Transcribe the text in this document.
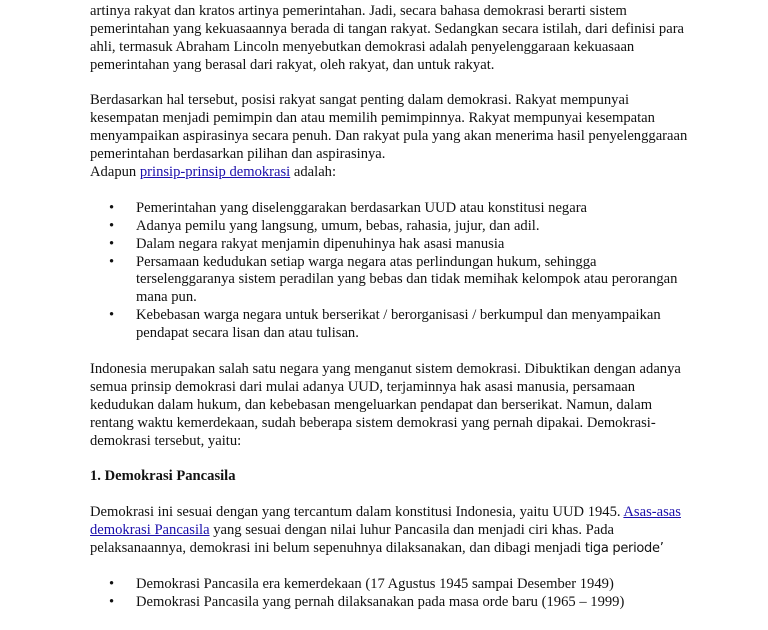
artinya rakyat dan kratos artinya pemerintahan. Jadi, secara bahasa demokrasi berarti sistem pemerintahan yang kekuasaannya berada di tangan rakyat. Sedangkan secara istilah, dari definisi para ahli, termasuk Abraham Lincoln menyebutkan demokrasi adalah penyelenggaraan kekuasaan pemerintahan yang berasal dari rakyat, oleh rakyat, dan untuk rakyat.

Berdasarkan hal tersebut, posisi rakyat sangat penting dalam demokrasi. Rakyat mempunyai kesempatan menjadi pemimpin dan atau memilih pemimpinnya. Rakyat mempunyai kesempatan menyampaikan aspirasinya secara penuh. Dan rakyat pula yang akan menerima hasil penyelenggaraan pemerintahan berdasarkan pilihan dan aspirasinya.

Adapun prinsip-prinsip demokrasi adalah:

• Pemerintahan yang diselenggarakan berdasarkan UUD atau konstitusi negara
• Adanya pemilu yang langsung, umum, bebas, rahasia, jujur, dan adil.
• Dalam negara rakyat menjamin dipenuhinya hak asasi manusia
• Persamaan kedudukan setiap warga negara atas perlindungan hukum, sehingga terselenggaranya sistem peradilan yang bebas dan tidak memihak kelompok atau perorangan mana pun.
• Kebebasan warga negara untuk berserikat / berorganisasi / berkumpul dan menyampaikan pendapat secara lisan dan atau tulisan.

Indonesia merupakan salah satu negara yang menganut sistem demokrasi. Dibuktikan dengan adanya semua prinsip demokrasi dari mulai adanya UUD, terjaminnya hak asasi manusia, persamaan kedudukan dalam hukum, dan kebebasan mengeluarkan pendapat dan berserikat. Namun, dalam rentang waktu kemerdekaan, sudah beberapa sistem demokrasi yang pernah dipakai. Demokrasi-demokrasi tersebut, yaitu:

1. Demokrasi Pancasila

Demokrasi ini sesuai dengan yang tercantum dalam konstitusi Indonesia, yaitu UUD 1945. Asas-asas demokrasi Pancasila yang sesuai dengan nilai luhur Pancasila dan menjadi ciri khas. Pada pelaksanaannya, demokrasi ini belum sepenuhnya dilaksanakan, dan dibagi menjadi tiga periode’

• Demokrasi Pancasila era kemerdekaan (17 Agustus 1945 sampai Desember 1949)
• Demokrasi Pancasila yang pernah dilaksanakan pada masa orde baru (1965 – 1999)
